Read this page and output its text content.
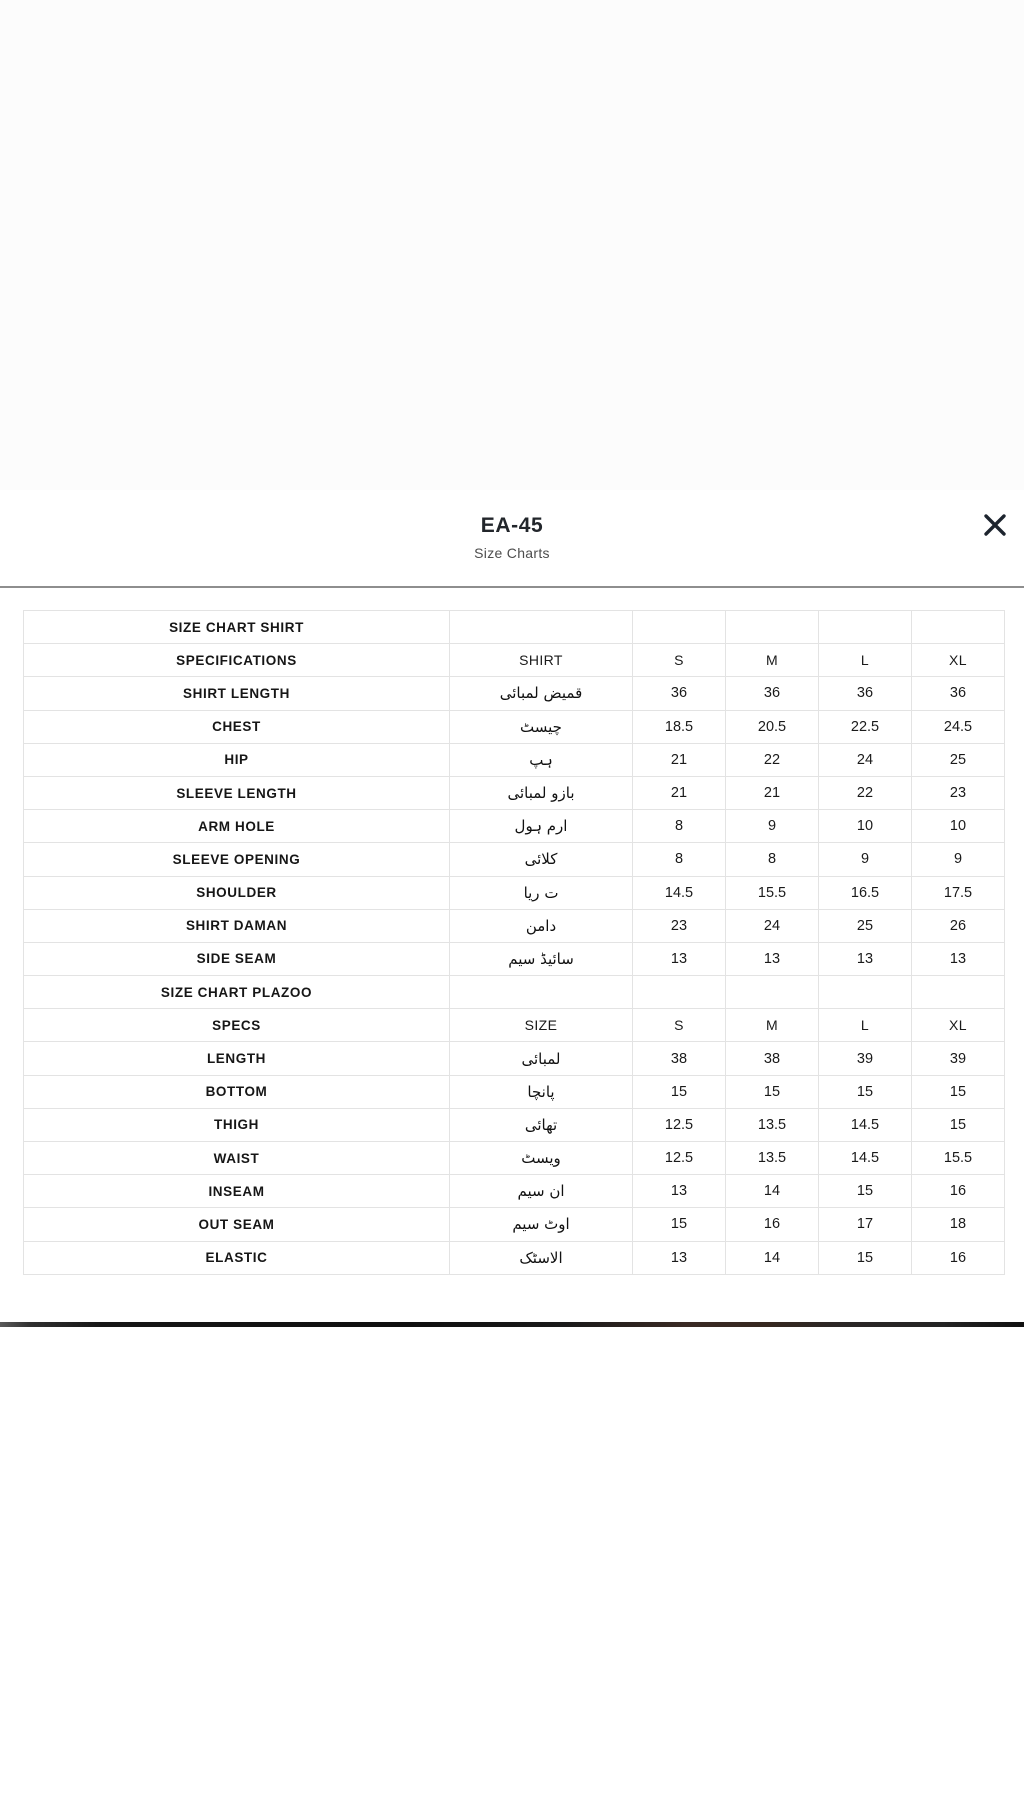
EA-45
Size Charts
SIZE CHART SHIRT
SPECIFICATIONS	SHIRT	S	M	L	XL
SHIRT LENGTH	قمیض لمبائی	36	36	36	36
CHEST	چیسٹ	18.5	20.5	22.5	24.5
HIP	ہپ	21	22	24	25
SLEEVE LENGTH	بازو لمبائی	21	21	22	23
ARM HOLE	ارم ہول	8	9	10	10
SLEEVE OPENING	کلائی	8	8	9	9
SHOULDER	ت ریا	14.5	15.5	16.5	17.5
SHIRT DAMAN	دامن	23	24	25	26
SIDE SEAM	سائیڈ سیم	13	13	13	13
SIZE CHART PLAZOO
SPECS	SIZE	S	M	L	XL
LENGTH	لمبائی	38	38	39	39
BOTTOM	پانچا	15	15	15	15
THIGH	تھائی	12.5	13.5	14.5	15
WAIST	ویسٹ	12.5	13.5	14.5	15.5
INSEAM	ان سیم	13	14	15	16
OUT SEAM	اوٹ سیم	15	16	17	18
ELASTIC	الاسٹک	13	14	15	16
